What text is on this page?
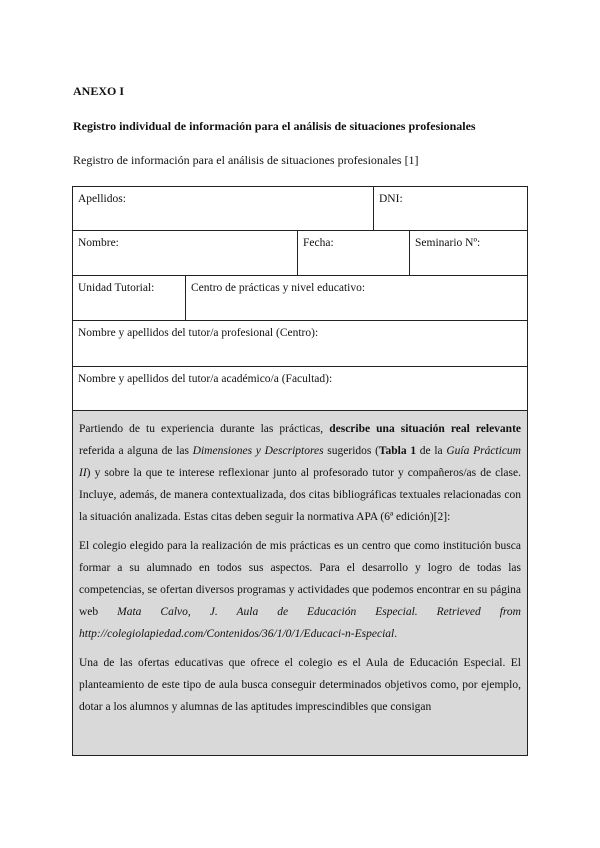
ANEXO I
Registro individual de información para el análisis de situaciones profesionales
Registro de información para el análisis de situaciones profesionales [1]
Apellidos:	DNI:
Nombre:	Fecha:	Seminario Nº:
Unidad Tutorial:	Centro de prácticas y nivel educativo:
Nombre y apellidos del tutor/a profesional (Centro):
Nombre y apellidos del tutor/a académico/a (Facultad):

Partiendo de tu experiencia durante las prácticas, describe una situación real relevante referida a alguna de las Dimensiones y Descriptores sugeridos (Tabla 1 de la Guía Prácticum II) y sobre la que te interese reflexionar junto al profesorado tutor y compañeros/as de clase. Incluye, además, de manera contextualizada, dos citas bibliográficas textuales relacionadas con la situación analizada. Estas citas deben seguir la normativa APA (6ª edición)[2]:

El colegio elegido para la realización de mis prácticas es un centro que como institución busca formar a su alumnado en todos sus aspectos. Para el desarrollo y logro de todas las competencias, se ofertan diversos programas y actividades que podemos encontrar en su página web Mata Calvo, J. Aula de Educación Especial. Retrieved from http://colegiolapiedad.com/Contenidos/36/1/0/1/Educaci-n-Especial.

Una de las ofertas educativas que ofrece el colegio es el Aula de Educación Especial. El planteamiento de este tipo de aula busca conseguir determinados objetivos como, por ejemplo, dotar a los alumnos y alumnas de las aptitudes imprescindibles que consigan
